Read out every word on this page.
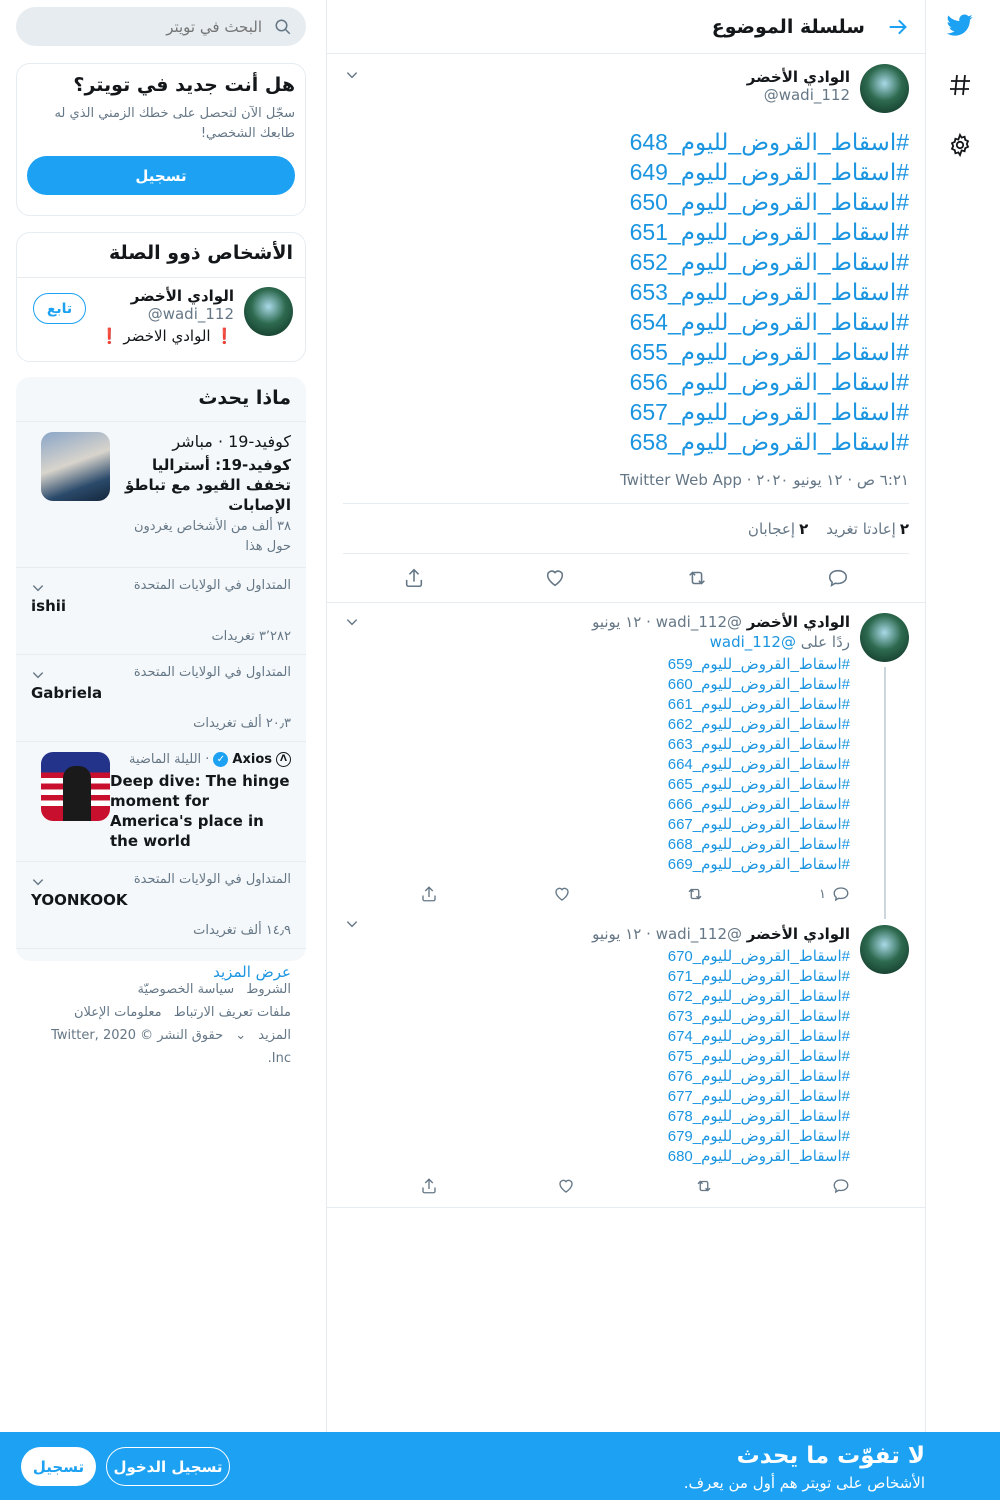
سلسلة الموضوع
الوادي الأخضر
@wadi_112
#اسقاط_القروض_لليوم_648
#اسقاط_القروض_لليوم_649
#اسقاط_القروض_لليوم_650
#اسقاط_القروض_لليوم_651
#اسقاط_القروض_لليوم_652
#اسقاط_القروض_لليوم_653
#اسقاط_القروض_لليوم_654
#اسقاط_القروض_لليوم_655
#اسقاط_القروض_لليوم_656
#اسقاط_القروض_لليوم_657
#اسقاط_القروض_لليوم_658
٦:٢١ ص · ١٢ يونيو ٢٠٢٠ · Twitter Web App
٢إعادتا تغريد
٢إعجابان
الوادي الأخضر @wadi_112 · ١٢ يونيو
ردًا على @wadi_112
#اسقاط_القروض_لليوم_659
#اسقاط_القروض_لليوم_660
#اسقاط_القروض_لليوم_661
#اسقاط_القروض_لليوم_662
#اسقاط_القروض_لليوم_663
#اسقاط_القروض_لليوم_664
#اسقاط_القروض_لليوم_665
#اسقاط_القروض_لليوم_666
#اسقاط_القروض_لليوم_667
#اسقاط_القروض_لليوم_668
#اسقاط_القروض_لليوم_669
١
الوادي الأخضر @wadi_112 · ١٢ يونيو
#اسقاط_القروض_لليوم_670
#اسقاط_القروض_لليوم_671
#اسقاط_القروض_لليوم_672
#اسقاط_القروض_لليوم_673
#اسقاط_القروض_لليوم_674
#اسقاط_القروض_لليوم_675
#اسقاط_القروض_لليوم_676
#اسقاط_القروض_لليوم_677
#اسقاط_القروض_لليوم_678
#اسقاط_القروض_لليوم_679
#اسقاط_القروض_لليوم_680
البحث في تويتر
هل أنت جديد في تويتر؟

سجّل الآن لتحصل على خطك الزمني الذي له طابعك الشخصي!

تسجيل
الأشخاص ذوو الصلة
الوادي الأخضر
@wadi_112
❗ الوادي الاخضر ❗
تابع
ماذا يحدث
كوفيد-19 · مباشر
كوفيد-19: أستراليا تخفف القيود مع تباطؤ الإصابات
٣٨ ألف من الأشخاص يغردون حول هذا
المتداول في الولايات المتحدة
ishii
٣٬٢٨٢ تغريدات
المتداول في الولايات المتحدة
Gabriela
٢٠٫٣ ألف تغريدات
Λ
Axios
✓
· الليلة الماضية
Deep dive: The hinge moment for America's place in the world
المتداول في الولايات المتحدة
YOONKOOK
١٤٫٩ ألف تغريدات
عرض المزيد
الشروط سياسة الخصوصيّة
ملفات تعريف الارتباط معلومات الإعلان
المزيد ⌄ حقوق النشر © 2020 Twitter, Inc.
لا تفوّت ما يحدث
الأشخاص على تويتر هم أول من يعرف.
تسجيل الدخول
تسجيل
